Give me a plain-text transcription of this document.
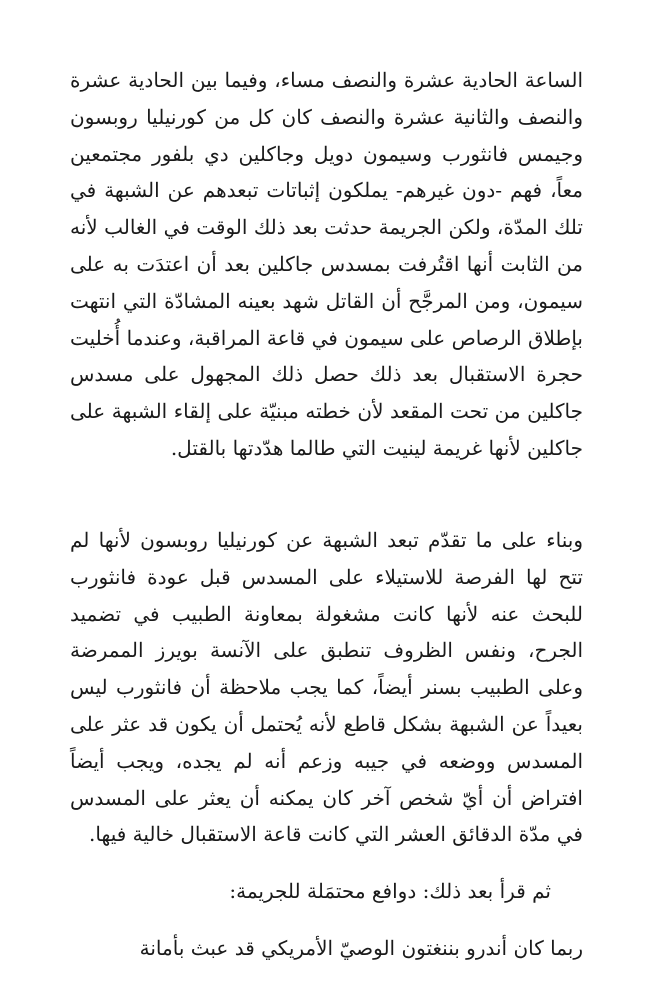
الساعة الحادية عشرة والنصف مساء، وفيما بين الحادية عشرة والنصف والثانية عشرة والنصف كان كل من كورنيليا روبسون وجيمس فانثورب وسيمون دويل وجاكلين دي بلفور مجتمعين معاً، فهم -دون غيرهم- يملكون إثباتات تبعدهم عن الشبهة في تلك المدّة، ولكن الجريمة حدثت بعد ذلك الوقت في الغالب لأنه من الثابت أنها اقتُرفت بمسدس جاكلين بعد أن اعتدَت به على سيمون، ومن المرجَّح أن القاتل شهد بعينه المشادّة التي انتهت بإطلاق الرصاص على سيمون في قاعة المراقبة، وعندما أُخليت حجرة الاستقبال بعد ذلك حصل ذلك المجهول على مسدس جاكلين من تحت المقعد لأن خطته مبنيّة على إلقاء الشبهة على جاكلين لأنها غريمة لينيت التي طالما هدّدتها بالقتل.

وبناء على ما تقدّم تبعد الشبهة عن كورنيليا روبسون لأنها لم تتح لها الفرصة للاستيلاء على المسدس قبل عودة فانثورب للبحث عنه لأنها كانت مشغولة بمعاونة الطبيب في تضميد الجرح، ونفس الظروف تنطبق على الآنسة بويرز الممرضة وعلى الطبيب بسنر أيضاً، كما يجب ملاحظة أن فانثورب ليس بعيداً عن الشبهة بشكل قاطع لأنه يُحتمل أن يكون قد عثر على المسدس ووضعه في جيبه وزعم أنه لم يجده، ويجب أيضاً افتراض أن أيّ شخص آخر كان يمكنه أن يعثر على المسدس في مدّة الدقائق العشر التي كانت قاعة الاستقبال خالية فيها.

ثم قرأ بعد ذلك: دوافع محتمَلة للجريمة:

ربما كان أندرو بننغتون الوصيّ الأمريكي قد عبث بأمانة
